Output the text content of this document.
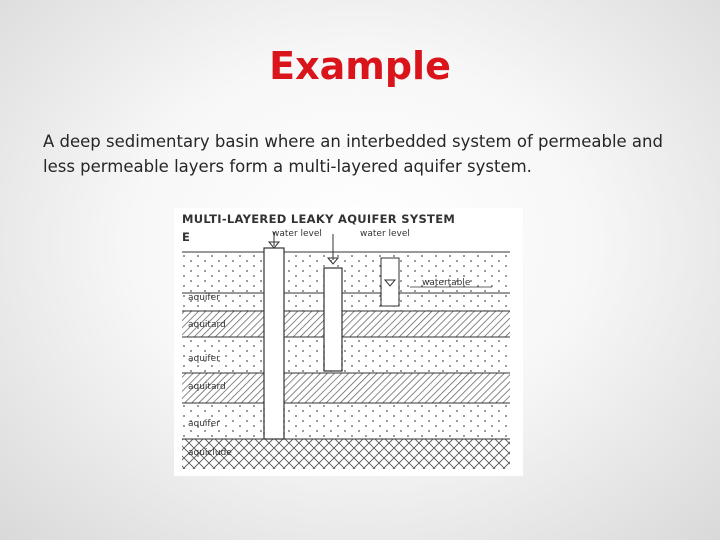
Example
A deep sedimentary basin where an interbedded system of permeable and less permeable layers form a multi-layered aquifer system.
MULTI-LAYERED LEAKY AQUIFER SYSTEM
E	water level	water level
watertable
aquifer
aquitard
aquifer
aquitard
aquifer
aquiclude
